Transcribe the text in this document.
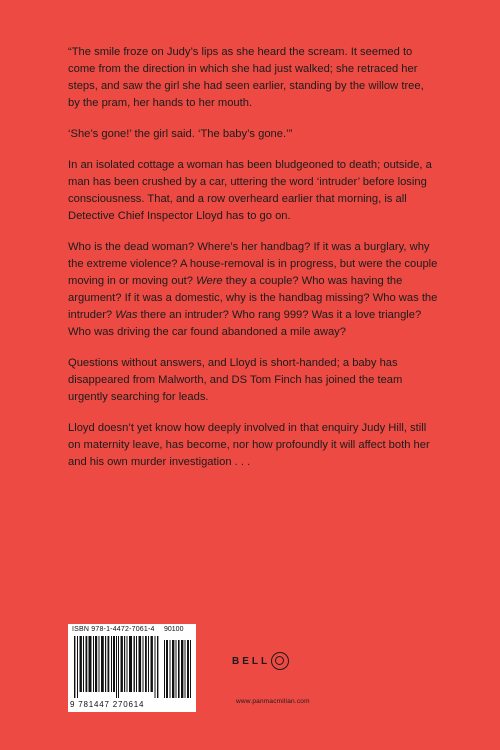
“The smile froze on Judy’s lips as she heard the scream. It seemed to come from the direction in which she had just walked; she retraced her steps, and saw the girl she had seen earlier, standing by the willow tree, by the pram, her hands to her mouth.

‘She’s gone!’ the girl said. ‘The baby’s gone.’”

In an isolated cottage a woman has been bludgeoned to death; outside, a man has been crushed by a car, uttering the word ‘intruder’ before losing consciousness. That, and a row overheard earlier that morning, is all Detective Chief Inspector Lloyd has to go on.

Who is the dead woman? Where’s her handbag? If it was a burglary, why the extreme violence? A house-removal is in progress, but were the couple moving in or moving out? Were they a couple? Who was having the argument? If it was a domestic, why is the handbag missing? Who was the intruder? Was there an intruder? Who rang 999? Was it a love triangle? Who was driving the car found abandoned a mile away?

Questions without answers, and Lloyd is short-handed; a baby has disappeared from Malworth, and DS Tom Finch has joined the team urgently searching for leads.

Lloyd doesn’t yet know how deeply involved in that enquiry Judy Hill, still on maternity leave, has become, nor how profoundly it will affect both her and his own murder investigation . . .

ISBN 978-1-4472-7061-4 90100
9 781447 270614
BELL
www.panmacmillan.com
